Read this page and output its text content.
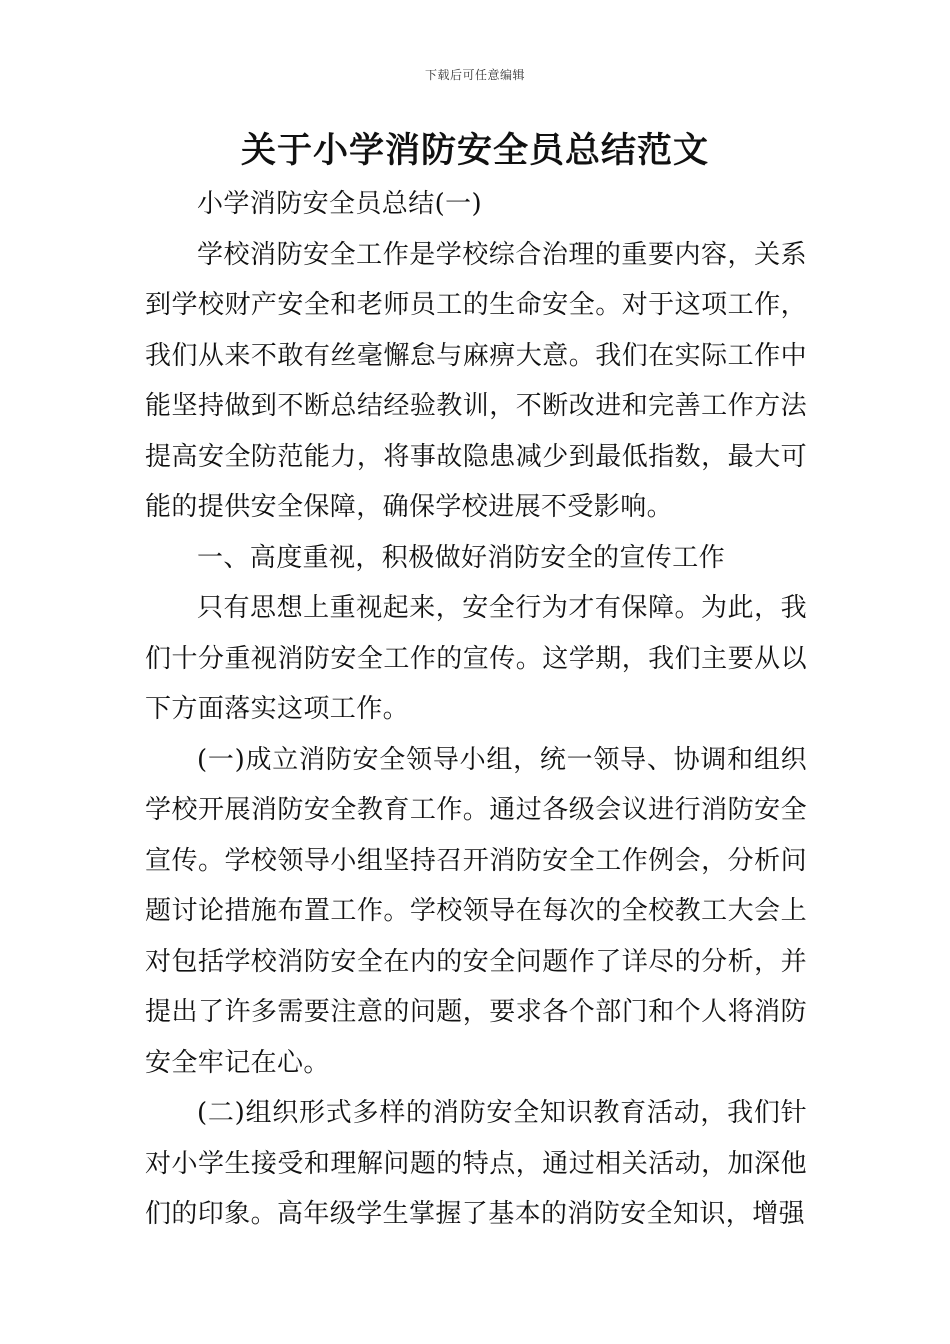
下载后可任意编辑
关于小学消防安全员总结范文

小学消防安全员总结(一)

学校消防安全工作是学校综合治理的重要内容，关系到学校财产安全和老师员工的生命安全。对于这项工作，我们从来不敢有丝毫懈怠与麻痹大意。我们在实际工作中能坚持做到不断总结经验教训，不断改进和完善工作方法提高安全防范能力，将事故隐患减少到最低指数，最大可能的提供安全保障，确保学校进展不受影响。

一、高度重视，积极做好消防安全的宣传工作

只有思想上重视起来，安全行为才有保障。为此，我们十分重视消防安全工作的宣传。这学期，我们主要从以下方面落实这项工作。

(一)成立消防安全领导小组，统一领导、协调和组织学校开展消防安全教育工作。通过各级会议进行消防安全宣传。学校领导小组坚持召开消防安全工作例会，分析问题讨论措施布置工作。学校领导在每次的全校教工大会上对包括学校消防安全在内的安全问题作了详尽的分析，并提出了许多需要注意的问题，要求各个部门和个人将消防安全牢记在心。

(二)组织形式多样的消防安全知识教育活动，我们针对小学生接受和理解问题的特点，通过相关活动，加深他们的印象。高年级学生掌握了基本的消防安全知识，增强
